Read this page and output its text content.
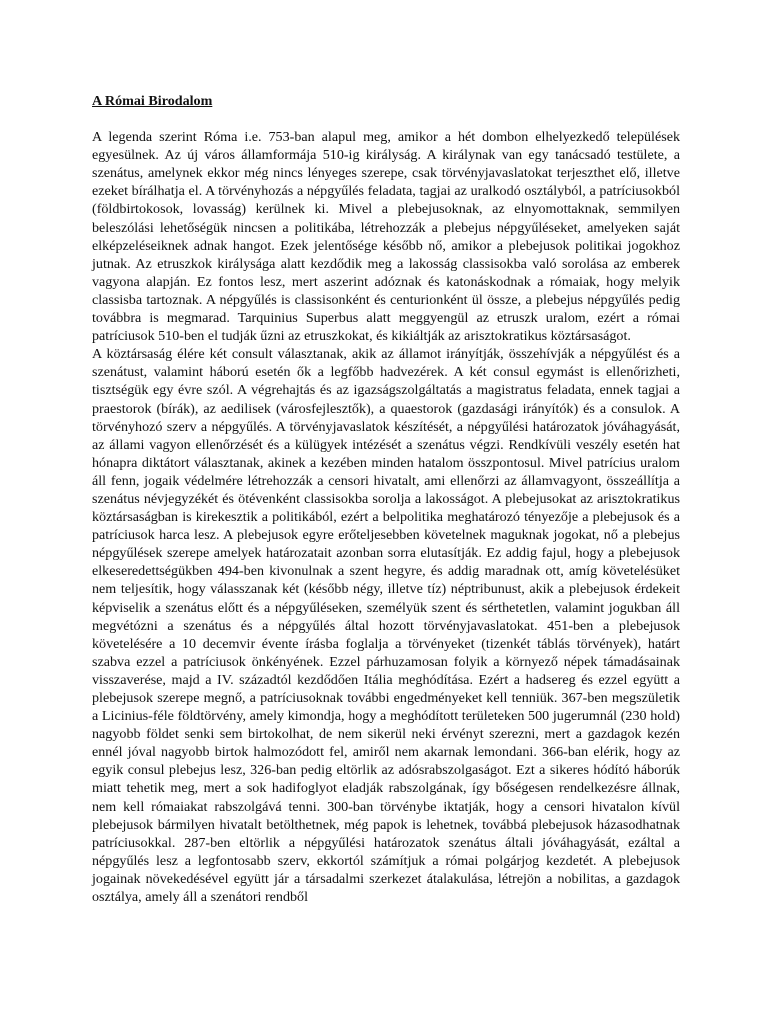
A Római Birodalom

A legenda szerint Róma i.e. 753-ban alapul meg, amikor a hét dombon elhelyezkedő települések egyesülnek. Az új város államformája 510-ig királyság. A királynak van egy tanácsadó testülete, a szenátus, amelynek ekkor még nincs lényeges szerepe, csak törvényjavaslatokat terjeszthet elő, illetve ezeket bírálhatja el. A törvényhozás a népgyűlés feladata, tagjai az uralkodó osztályból, a patríciusokból (földbirtokosok, lovasság) kerülnek ki. Mivel a plebejusoknak, az elnyomottaknak, semmilyen beleszólási lehetőségük nincsen a politikába, létrehozzák a plebejus népgyűléseket, amelyeken saját elképzeléseiknek adnak hangot. Ezek jelentősége később nő, amikor a plebejusok politikai jogokhoz jutnak. Az etruszkok királysága alatt kezdődik meg a lakosság classisokba való sorolása az emberek vagyona alapján. Ez fontos lesz, mert aszerint adóznak és katonáskodnak a rómaiak, hogy melyik classisba tartoznak. A népgyűlés is classisonként és centurionként ül össze, a plebejus népgyűlés pedig továbbra is megmarad. Tarquinius Superbus alatt meggyengül az etruszk uralom, ezért a római patríciusok 510-ben el tudják űzni az etruszkokat, és kikiáltják az arisztokratikus köztársaságot.

A köztársaság élére két consult választanak, akik az államot irányítják, összehívják a népgyűlést és a szenátust, valamint háború esetén ők a legfőbb hadvezérek. A két consul egymást is ellenőrizheti, tisztségük egy évre szól. A végrehajtás és az igazságszolgáltatás a magistratus feladata, ennek tagjai a praestorok (bírák), az aedilisek (városfejlesztők), a quaestorok (gazdasági irányítók) és a consulok. A törvényhozó szerv a népgyűlés. A törvényjavaslatok készítését, a népgyűlési határozatok jóváhagyását, az állami vagyon ellenőrzését és a külügyek intézését a szenátus végzi. Rendkívüli veszély esetén hat hónapra diktátort választanak, akinek a kezében minden hatalom összpontosul. Mivel patrícius uralom áll fenn, jogaik védelmére létrehozzák a censori hivatalt, ami ellenőrzi az államvagyont, összeállítja a szenátus névjegyzékét és ötévenként classisokba sorolja a lakosságot. A plebejusokat az arisztokratikus köztársaságban is kirekesztik a politikából, ezért a belpolitika meghatározó tényezője a plebejusok és a patríciusok harca lesz. A plebejusok egyre erőteljesebben követelnek maguknak jogokat, nő a plebejus népgyűlések szerepe amelyek határozatait azonban sorra elutasítják. Ez addig fajul, hogy a plebejusok elkeseredettségükben 494-ben kivonulnak a szent hegyre, és addig maradnak ott, amíg követelésüket nem teljesítik, hogy válasszanak két (később négy, illetve tíz) néptribunust, akik a plebejusok érdekeit képviselik a szenátus előtt és a népgyűléseken, személyük szent és sérthetetlen, valamint jogukban áll megvétózni a szenátus és a népgyűlés által hozott törvényjavaslatokat. 451-ben a plebejusok követelésére a 10 decemvir évente írásba foglalja a törvényeket (tizenkét táblás törvények), határt szabva ezzel a patríciusok önkényének. Ezzel párhuzamosan folyik a környező népek támadásainak visszaverése, majd a IV. századtól kezdődően Itália meghódítása. Ezért a hadsereg és ezzel együtt a plebejusok szerepe megnő, a patríciusoknak további engedményeket kell tenniük. 367-ben megszületik a Licinius-féle földtörvény, amely kimondja, hogy a meghódított területeken 500 jugerumnál (230 hold) nagyobb földet senki sem birtokolhat, de nem sikerül neki érvényt szerezni, mert a gazdagok kezén ennél jóval nagyobb birtok halmozódott fel, amiről nem akarnak lemondani. 366-ban elérik, hogy az egyik consul plebejus lesz, 326-ban pedig eltörlik az adósrabszolgaságot. Ezt a sikeres hódító háborúk miatt tehetik meg, mert a sok hadifoglyot eladják rabszolgának, így bőségesen rendelkezésre állnak, nem kell rómaiakat rabszolgává tenni. 300-ban törvénybe iktatják, hogy a censori hivatalon kívül plebejusok bármilyen hivatalt betölthetnek, még papok is lehetnek, továbbá plebejusok házasodhatnak patríciusokkal. 287-ben eltörlik a népgyűlési határozatok szenátus általi jóváhagyását, ezáltal a népgyűlés lesz a legfontosabb szerv, ekkortól számítjuk a római polgárjog kezdetét. A plebejusok jogainak növekedésével együtt jár a társadalmi szerkezet átalakulása, létrejön a nobilitas, a gazdagok osztálya, amely áll a szenátori rendből
